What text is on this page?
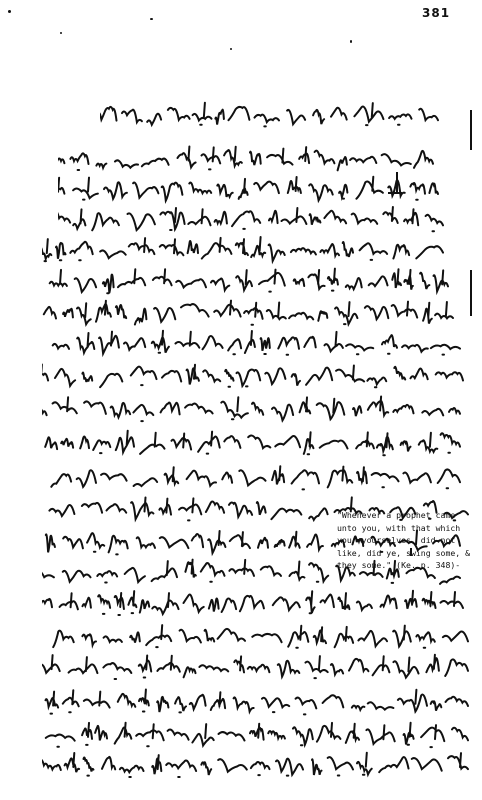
381
"Whenever a prophet came unto you, with that which your yourselves, did not like, did ye, swing some, & they some." (Ke. p. 348)-
